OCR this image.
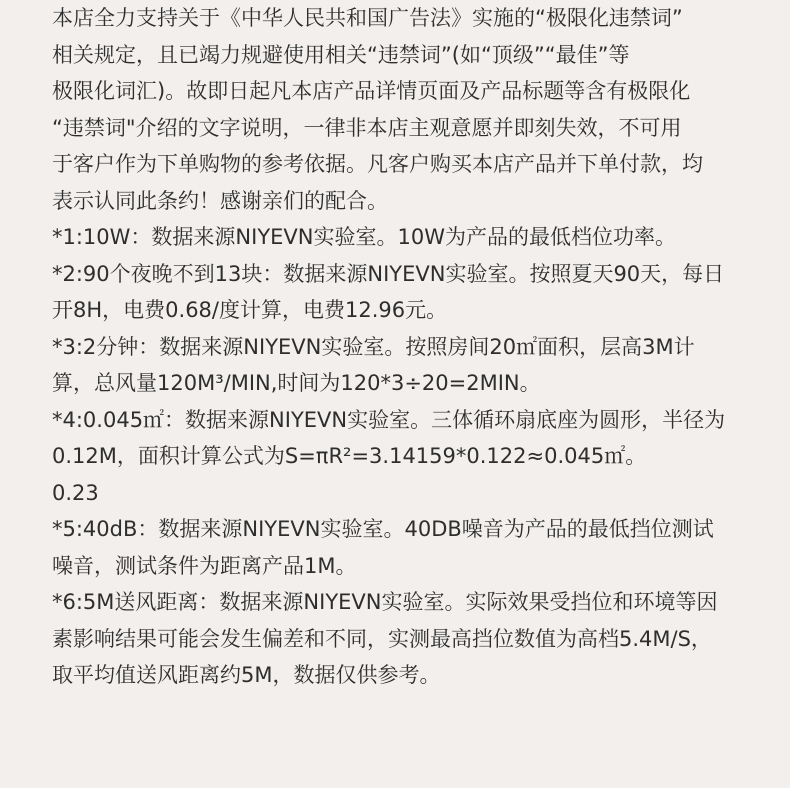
本店全力支持关于《中华人民共和国广告法》实施的“极限化违禁词”
相关规定，且已竭力规避使用相关“违禁词”(如“顶级”“最佳”等
极限化词汇)。故即日起凡本店产品详情页面及产品标题等含有极限化
“违禁词"介绍的文字说明，一律非本店主观意愿并即刻失效，不可用
于客户作为下单购物的参考依据。凡客户购买本店产品并下单付款，均
表示认同此条约！感谢亲们的配合。
*1:10W：数据来源NIYEVN实验室。10W为产品的最低档位功率。
*2:90个夜晚不到13块：数据来源NIYEVN实验室。按照夏天90天，每日
开8H，电费0.68/度计算，电费12.96元。
*3:2分钟：数据来源NIYEVN实验室。按照房间20㎡面积，层高3M计
算，总风量120M³/MIN,时间为120*3÷20=2MIN。
*4:0.045㎡：数据来源NIYEVN实验室。三体循环扇底座为圆形，半径为
0.12M，面积计算公式为S=πR²=3.14159*0.122≈0.045㎡。
0.23
*5:40dB：数据来源NIYEVN实验室。40DB噪音为产品的最低挡位测试
噪音，测试条件为距离产品1M。
*6:5M送风距离：数据来源NIYEVN实验室。实际效果受挡位和环境等因
素影响结果可能会发生偏差和不同，实测最高挡位数值为高档5.4M/S，
取平均值送风距离约5M，数据仅供参考。
